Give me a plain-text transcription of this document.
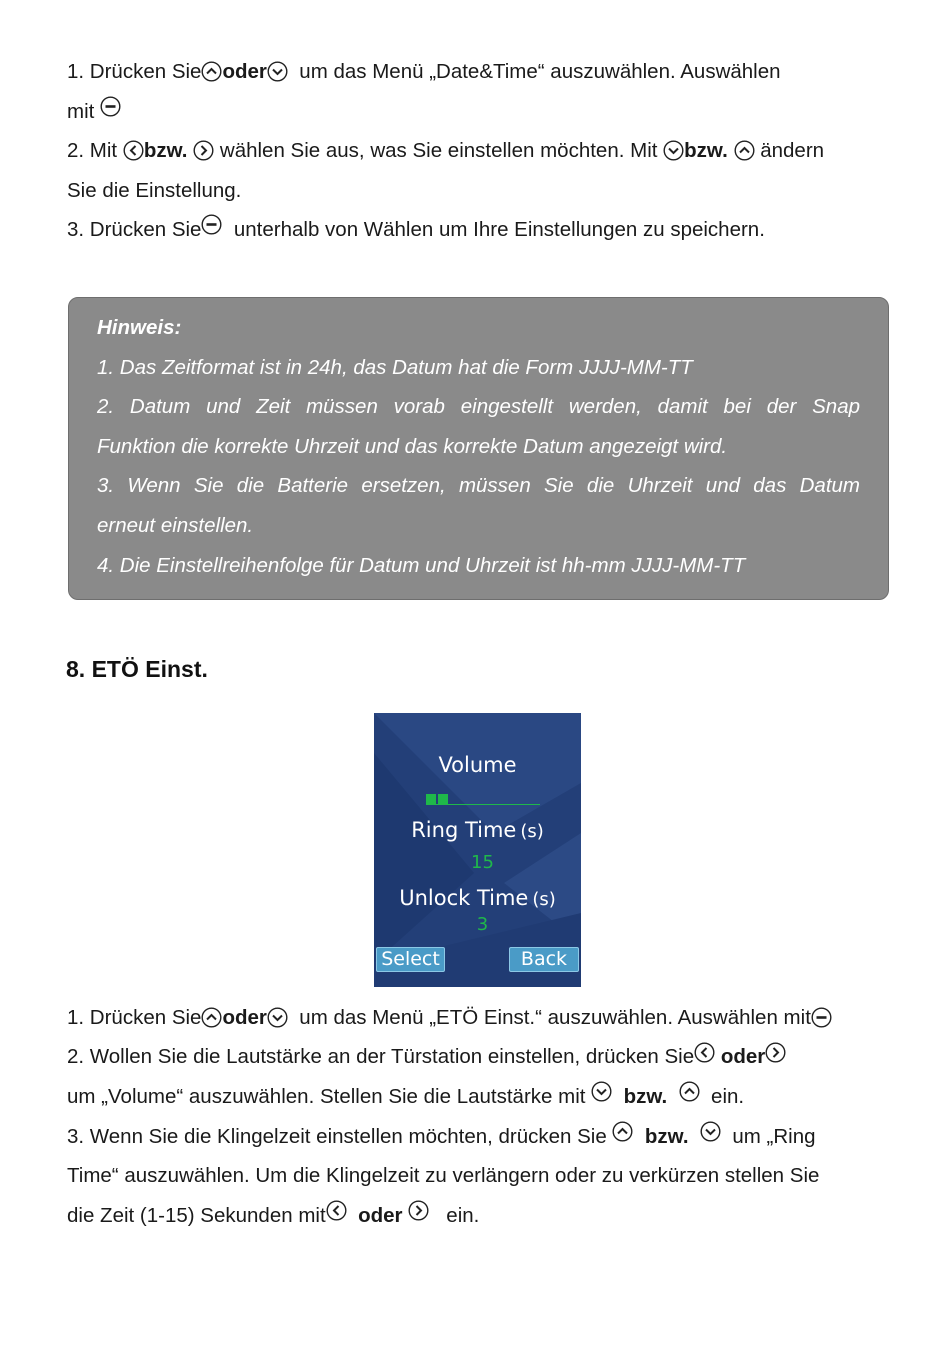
1. Drücken Sie oder um das Menü „Date&Time“ auszuwählen. Auswählen
mit
2. Mit bzw. wählen Sie aus, was Sie einstellen möchten. Mit bzw. ändern
Sie die Einstellung.
3. Drücken Sie unterhalb von Wählen um Ihre Einstellungen zu speichern.
Hinweis:
1. Das Zeitformat ist in 24h, das Datum hat die Form JJJJ-MM-TT
2. Datum und Zeit müssen vorab eingestellt werden, damit bei der Snap
Funktion die korrekte Uhrzeit und das korrekte Datum angezeigt wird.
3. Wenn Sie die Batterie ersetzen, müssen Sie die Uhrzeit und das Datum
erneut einstellen.
4. Die Einstellreihenfolge für Datum und Uhrzeit ist hh-mm JJJJ-MM-TT
8. ETÖ Einst.
Volume
Ring Time (s)
15
Unlock Time (s)
3
Select	Back
1. Drücken Sie oder um das Menü „ETÖ Einst.“ auszuwählen. Auswählen mit
2. Wollen Sie die Lautstärke an der Türstation einstellen, drücken Sie oder
um „Volume“ auszuwählen. Stellen Sie die Lautstärke mit bzw. ein.
3. Wenn Sie die Klingelzeit einstellen möchten, drücken Sie bzw. um „Ring
Time“ auszuwählen. Um die Klingelzeit zu verlängern oder zu verkürzen stellen Sie
die Zeit (1-15) Sekunden mit oder ein.
